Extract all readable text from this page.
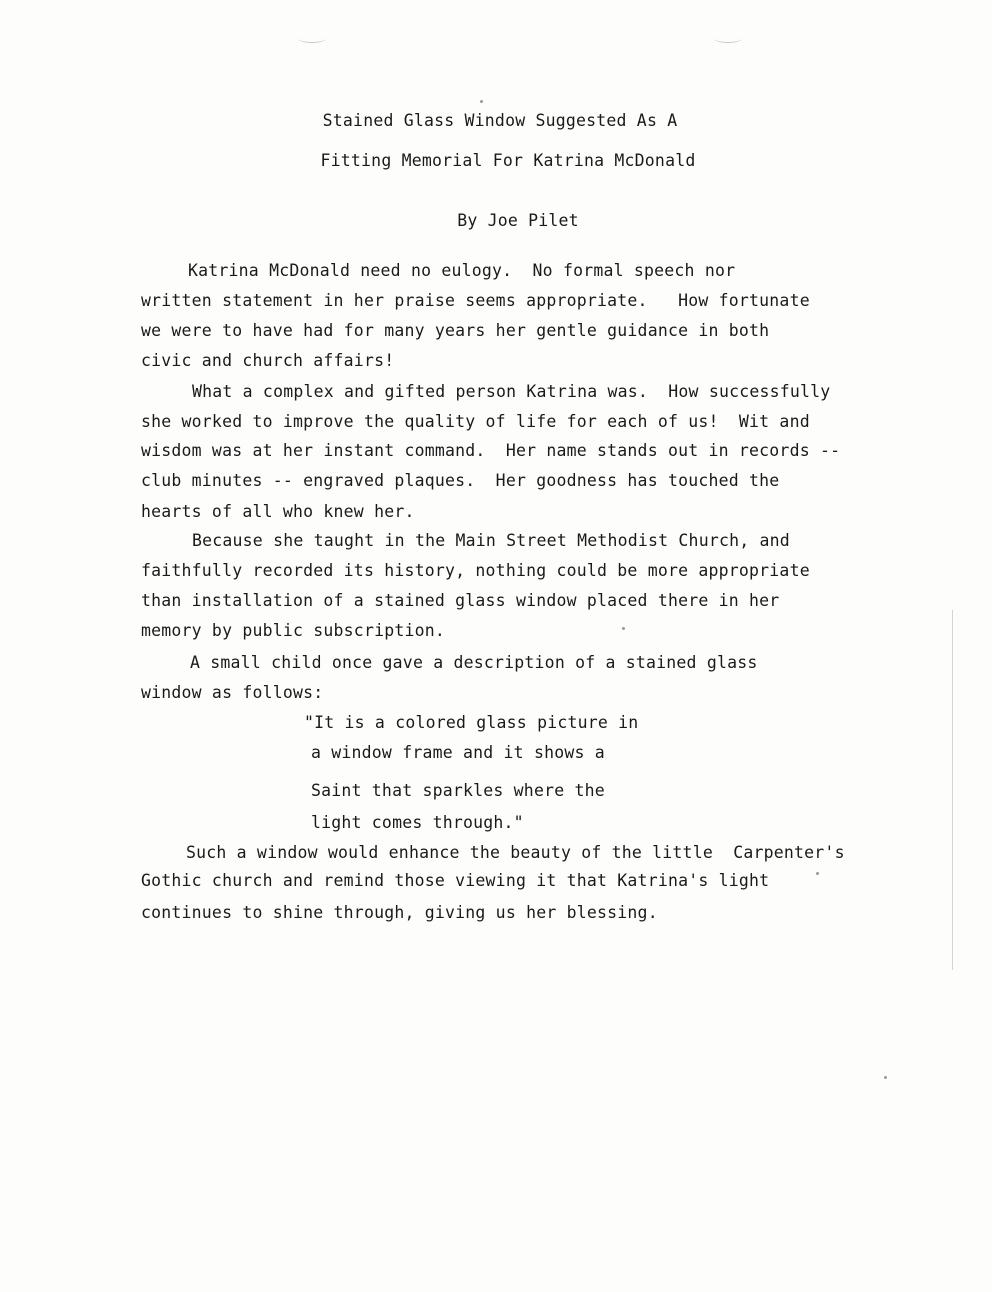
Stained Glass Window Suggested As A
Fitting Memorial For Katrina McDonald
By Joe Pilet
Katrina McDonald need no eulogy.  No formal speech nor
written statement in her praise seems appropriate.   How fortunate
we were to have had for many years her gentle guidance in both
civic and church affairs!
What a complex and gifted person Katrina was.  How successfully
she worked to improve the quality of life for each of us!  Wit and
wisdom was at her instant command.  Her name stands out in records --
club minutes -- engraved plaques.  Her goodness has touched the
hearts of all who knew her.
Because she taught in the Main Street Methodist Church, and
faithfully recorded its history, nothing could be more appropriate
than installation of a stained glass window placed there in her
memory by public subscription.
A small child once gave a description of a stained glass
window as follows:
"It is a colored glass picture in
a window frame and it shows a
Saint that sparkles where the
light comes through."
Such a window would enhance the beauty of the little  Carpenter's
Gothic church and remind those viewing it that Katrina's light
continues to shine through, giving us her blessing.
